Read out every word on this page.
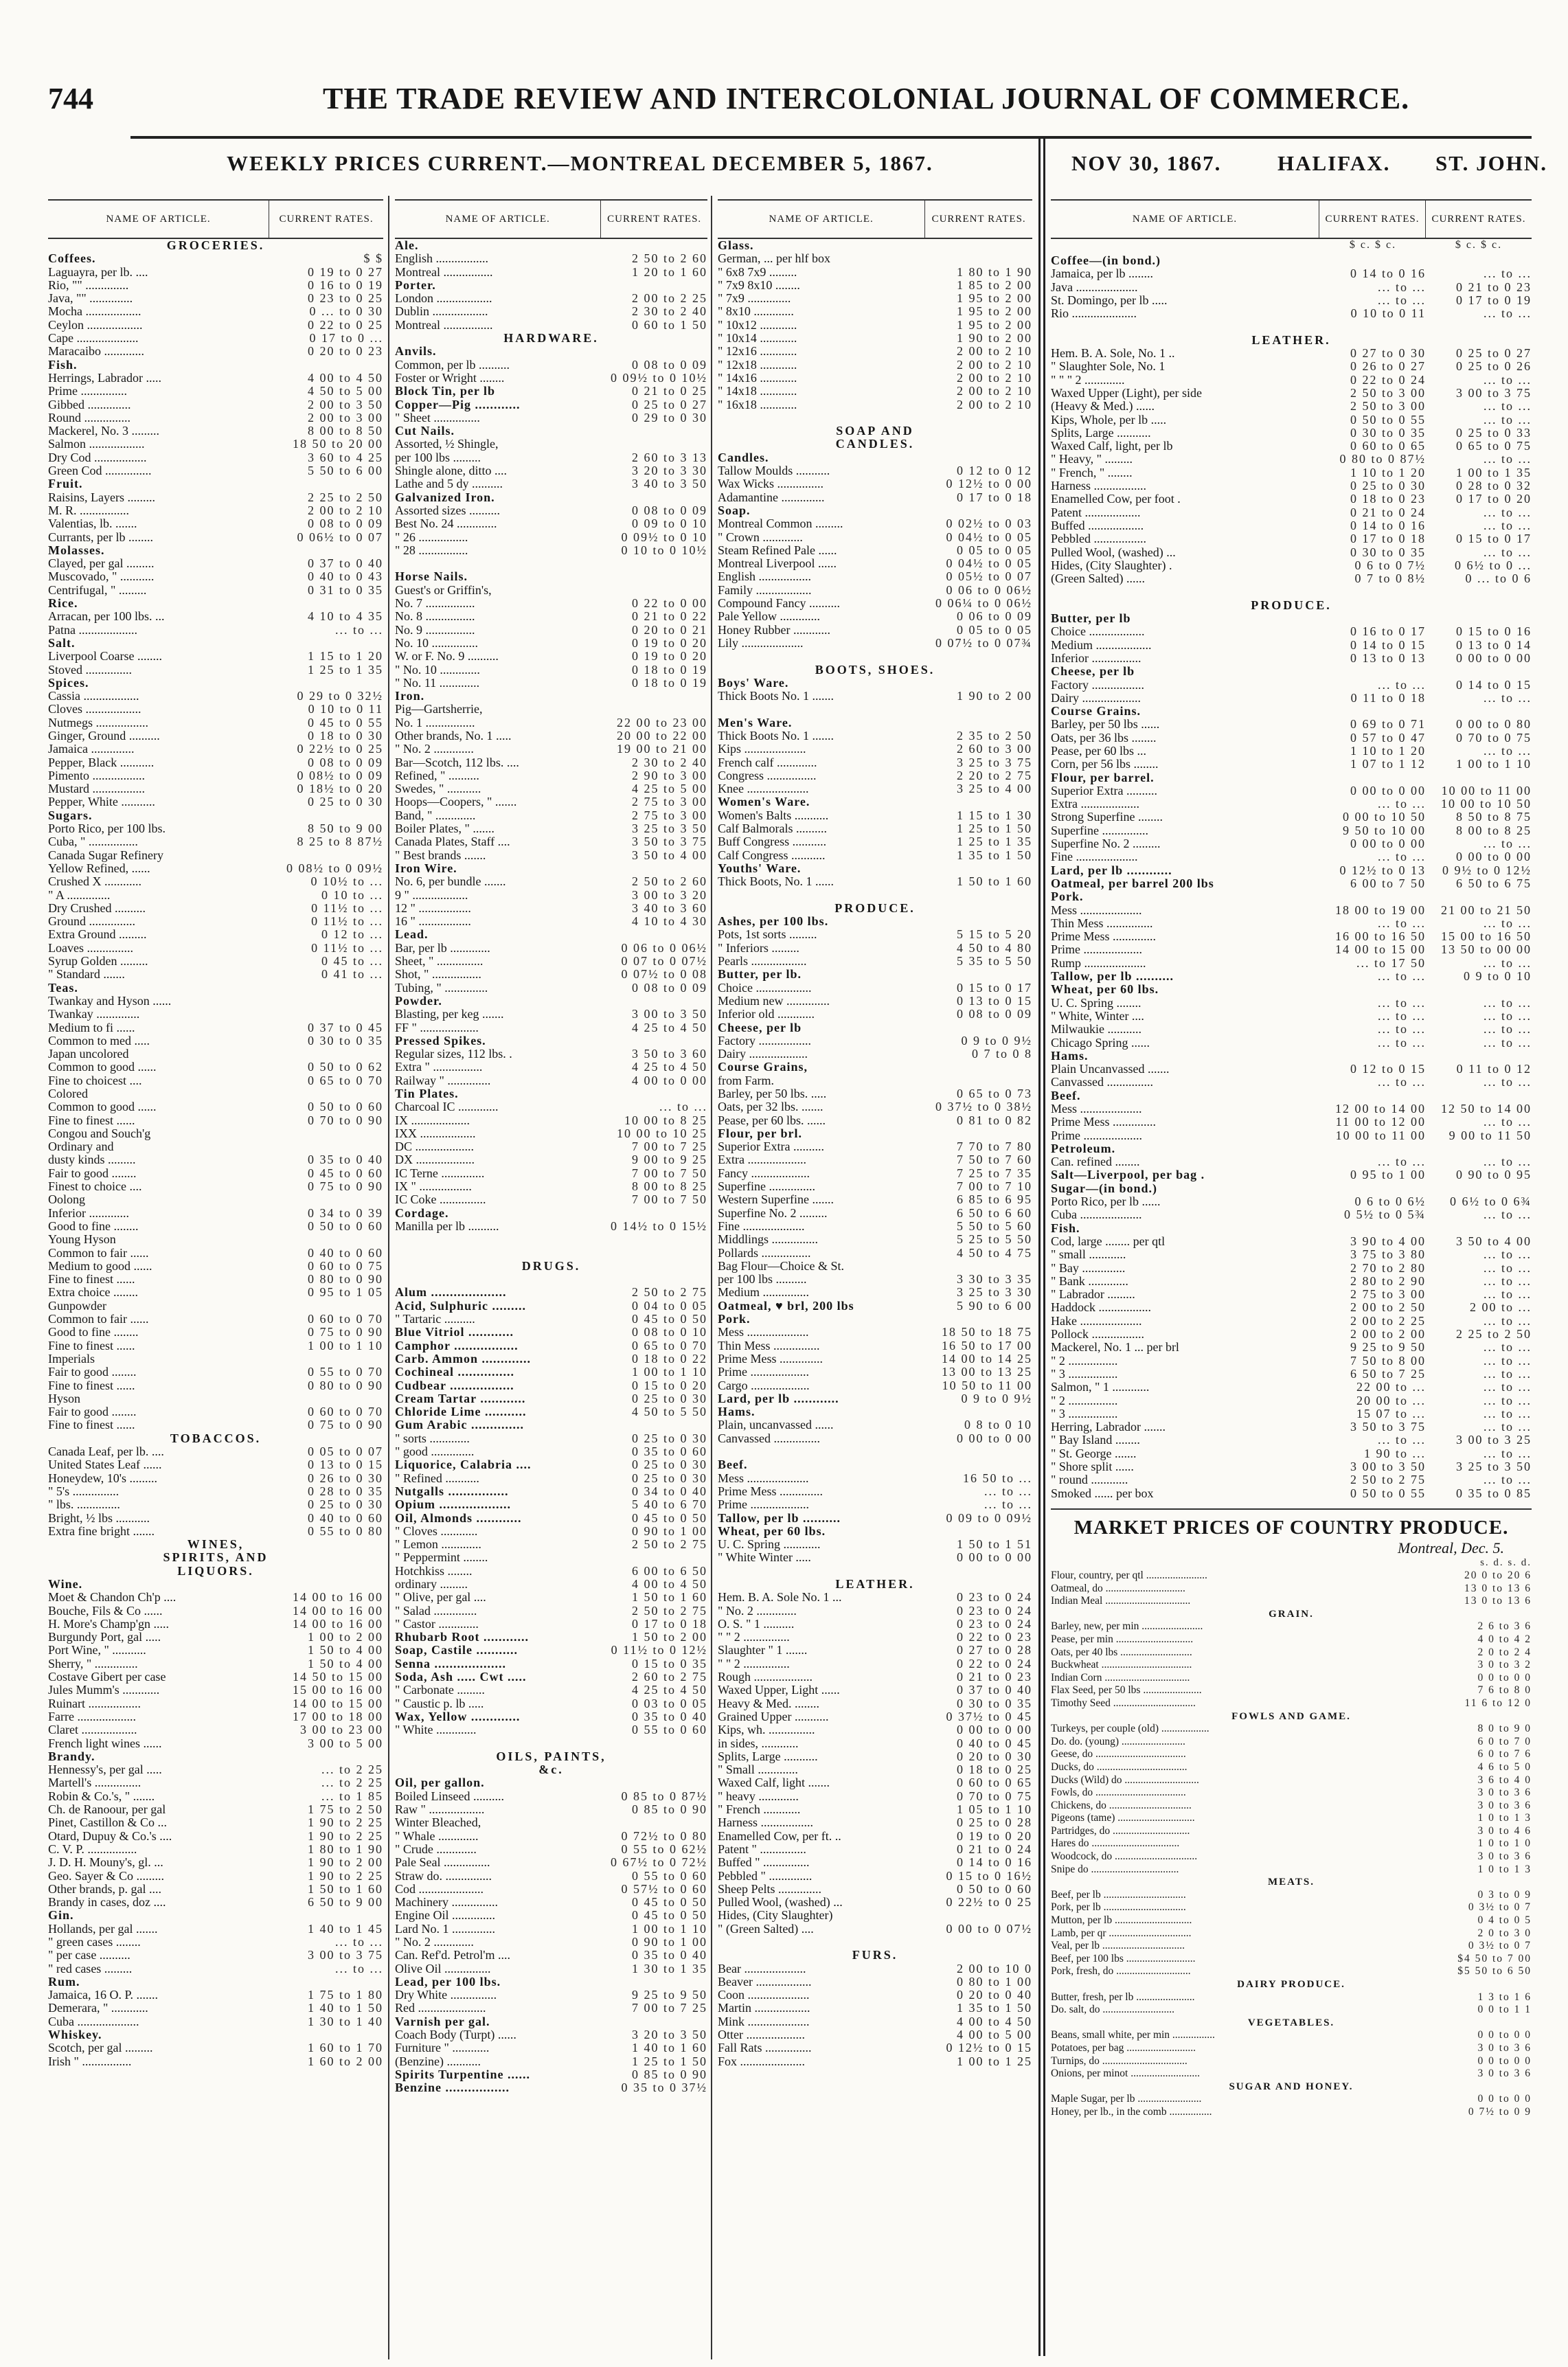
744	THE TRADE REVIEW AND INTERCOLONIAL JOURNAL OF COMMERCE.
WEEKLY PRICES CURRENT.—MONTREAL DECEMBER 5, 1867.	NOV 30, 1867.	HALIFAX. ST. JOHN.
NAME OF ARTICLE.	CURRENT RATES.
GROCERIES.
Coffees.	$ $
Laguayra, per lb. ....	0 19 to 0 27
Rio, "" ..............	0 16 to 0 19
Java, "" ..............	0 23 to 0 25
Mocha ..................	0 ... to 0 30
Ceylon ..................	0 22 to 0 25
Cape ....................	0 17 to 0 ...
Maracaibo .............	0 20 to 0 23
Fish.
Herrings, Labrador .....	4 00 to 4 50
Prime ...............	4 50 to 5 00
Gibbed ..............	2 00 to 3 50
Round ...............	2 00 to 3 00
Mackerel, No. 3 .........	8 00 to 8 50
Salmon ..................	18 50 to 20 00
Dry Cod .................	3 60 to 4 25
Green Cod ...............	5 50 to 6 00
Fruit.
Raisins, Layers .........	2 25 to 2 50
M. R. ................	2 00 to 2 10
Valentias, lb. .......	0 08 to 0 09
Currants, per lb ........	0 06½ to 0 07
Molasses.
Clayed, per gal .........	0 37 to 0 40
Muscovado, " ...........	0 40 to 0 43
Centrifugal, " .........	0 31 to 0 35
Rice.
Arracan, per 100 lbs. ...	4 10 to 4 35
Patna ...................	... to ...
Salt.
Liverpool Coarse ........	1 15 to 1 20
Stoved ...............	1 25 to 1 35
Spices.
Cassia ..................	0 29 to 0 32½
Cloves ..................	0 10 to 0 11
Nutmegs .................	0 45 to 0 55
Ginger, Ground ..........	0 18 to 0 30
Jamaica ..............	0 22½ to 0 25
Pepper, Black ...........	0 08 to 0 09
Pimento .................	0 08½ to 0 09
Mustard .................	0 18½ to 0 20
Pepper, White ...........	0 25 to 0 30
Sugars.
Porto Rico, per 100 lbs.	8 50 to 9 00
Cuba, " ................	8 25 to 8 87½
Canada Sugar Refinery
Yellow Refined, ......	0 08½ to 0 09½
Crushed X ............	0 10½ to ...
" A ..............	0 10 to ...
Dry Crushed ..........	0 11½ to ...
Ground ...............	0 11½ to ...
Extra Ground .........	0 12 to ...
Loaves ...............	0 11½ to ...
Syrup Golden .........	0 45 to ...
" Standard .......	0 41 to ...
Teas.
Twankay and Hyson ......
Twankay ..............
Medium to fi ......	0 37 to 0 45
Common to med .....	0 30 to 0 35
Japan uncolored
Common to good ......	0 50 to 0 62
Fine to choicest ....	0 65 to 0 70
Colored
Common to good ......	0 50 to 0 60
Fine to finest ......	0 70 to 0 90
Congou and Souch'g
Ordinary and
dusty kinds .........	0 35 to 0 40
Fair to good ........	0 45 to 0 60
Finest to choice ....	0 75 to 0 90
Oolong
Inferior .............	0 34 to 0 39
Good to fine ........	0 50 to 0 60
Young Hyson
Common to fair ......	0 40 to 0 60
Medium to good ......	0 60 to 0 75
Fine to finest ......	0 80 to 0 90
Extra choice ........	0 95 to 1 05
Gunpowder
Common to fair ......	0 60 to 0 70
Good to fine ........	0 75 to 0 90
Fine to finest ......	1 00 to 1 10
Imperials
Fair to good ........	0 55 to 0 70
Fine to finest ......	0 80 to 0 90
Hyson
Fair to good ........	0 60 to 0 70
Fine to finest ......	0 75 to 0 90
TOBACCOS.
Canada Leaf, per lb. ....	0 05 to 0 07
United States Leaf ......	0 13 to 0 15
Honeydew, 10's .........	0 26 to 0 30
" 5's ...............	0 28 to 0 35
" lbs. ..............	0 25 to 0 30
Bright, ½ lbs ...........	0 40 to 0 60
Extra fine bright .......	0 55 to 0 80
WINES,
SPIRITS, AND
LIQUORS.
Wine.
Moet & Chandon Ch'p ....	14 00 to 16 00
Bouche, Fils & Co ......	14 00 to 16 00
H. More's Champ'gn .....	14 00 to 16 00
Burgundy Port, gal .....	1 00 to 2 00
Port Wine, " ...........	1 50 to 4 00
Sherry, " ..............	1 50 to 4 00
Costave Gibert per case	14 50 to 15 00
Jules Mumm's ............	15 00 to 16 00
Ruinart .................	14 00 to 15 00
Farre ...................	17 00 to 18 00
Claret ..................	3 00 to 23 00
French light wines ......	3 00 to 5 00
Brandy.
Hennessy's, per gal .....	... to 2 25
Martell's ...............	... to 2 25
Robin & Co.'s, " .......	... to 1 85
Ch. de Ranoour, per gal	1 75 to 2 50
Pinet, Castillon & Co ...	1 90 to 2 25
Otard, Dupuy & Co.'s ....	1 90 to 2 25
C. V. P. ................	1 80 to 1 90
J. D. H. Mouny's, gl. ...	1 90 to 2 00
Geo. Sayer & Co .........	1 90 to 2 25
Other brands, p. gal ....	1 50 to 1 60
Brandy in cases, doz ....	6 50 to 9 00
Gin.
Hollands, per gal .......	1 40 to 1 45
" green cases ........	... to ...
" per case ..........	3 00 to 3 75
" red cases .........	... to ...
Rum.
Jamaica, 16 O. P. .......	1 75 to 1 80
Demerara, " ............	1 40 to 1 50
Cuba ....................	1 30 to 1 40
Whiskey.
Scotch, per gal .........	1 60 to 1 70
Irish " ................	1 60 to 2 00
NAME OF ARTICLE.	CURRENT RATES.
Ale.
English .................	2 50 to 2 60
Montreal ................	1 20 to 1 60
Porter.
London ..................	2 00 to 2 25
Dublin ..................	2 30 to 2 40
Montreal ................	0 60 to 1 50
HARDWARE.
Anvils.
Common, per lb ..........	0 08 to 0 09
Foster or Wright ........	0 09½ to 0 10½
Block Tin, per lb	0 21 to 0 25
Copper—Pig ............	0 25 to 0 27
" Sheet ...............	0 29 to 0 30
Cut Nails.
Assorted, ½ Shingle,
per 100 lbs .........	2 60 to 3 13
Shingle alone, ditto ....	3 20 to 3 30
Lathe and 5 dy ..........	3 40 to 3 50
Galvanized Iron.
Assorted sizes ..........	0 08 to 0 09
Best No. 24 .............	0 09 to 0 10
" 26 ................	0 09½ to 0 10
" 28 ................	0 10 to 0 10½
Horse Nails.
Guest's or Griffin's,
No. 7 ................	0 22 to 0 00
No. 8 ................	0 21 to 0 22
No. 9 ................	0 20 to 0 21
No. 10 ...............	0 19 to 0 20
W. or F. No. 9 ..........	0 19 to 0 20
" No. 10 .............	0 18 to 0 19
" No. 11 .............	0 18 to 0 19
Iron.
Pig—Gartsherrie,
No. 1 ................	22 00 to 23 00
Other brands, No. 1 .....	20 00 to 22 00
" No. 2 .............	19 00 to 21 00
Bar—Scotch, 112 lbs. ....	2 30 to 2 40
Refined, " ..........	2 90 to 3 00
Swedes, " ...........	4 25 to 5 00
Hoops—Coopers, " .......	2 75 to 3 00
Band, " .............	2 75 to 3 00
Boiler Plates, " .......	3 25 to 3 50
Canada Plates, Staff ....	3 50 to 3 75
" Best brands .......	3 50 to 4 00
Iron Wire.
No. 6, per bundle .......	2 50 to 2 60
9 " ..................	3 00 to 3 20
12 " .................	3 40 to 3 60
16 " .................	4 10 to 4 30
Lead.
Bar, per lb .............	0 06 to 0 06½
Sheet, " ...............	0 07 to 0 07½
Shot, " ................	0 07½ to 0 08
Tubing, " ..............	0 08 to 0 09
Powder.
Blasting, per keg .......	3 00 to 3 50
FF " ...................	4 25 to 4 50
Pressed Spikes.
Regular sizes, 112 lbs. .	3 50 to 3 60
Extra " ................	4 25 to 4 50
Railway " ..............	4 00 to 0 00
Tin Plates.
Charcoal IC .............	... to ...
IX ...................	10 00 to 8 25
IXX ..................	10 00 to 10 25
DC ...................	7 00 to 7 25
DX ...................	9 00 to 9 25
IC Terne ..............	7 00 to 7 50
IX " .................	8 00 to 8 25
IC Coke ...............	7 00 to 7 50
Cordage.
Manilla per lb ..........	0 14½ to 0 15½
DRUGS.
Alum ....................	2 50 to 2 75
Acid, Sulphuric .........	0 04 to 0 05
" Tartaric ..........	0 45 to 0 50
Blue Vitriol ............	0 08 to 0 10
Camphor .................	0 65 to 0 70
Carb. Ammon .............	0 18 to 0 22
Cochineal ...............	1 00 to 1 10
Cudbear .................	0 15 to 0 20
Cream Tartar ............	0 25 to 0 30
Chloride Lime ...........	4 50 to 5 50
Gum Arabic ..............
" sorts .............	0 25 to 0 30
" good ..............	0 35 to 0 60
Liquorice, Calabria ....	0 25 to 0 30
" Refined ...........	0 25 to 0 30
Nutgalls ................	0 34 to 0 40
Opium ...................	5 40 to 6 70
Oil, Almonds ............	0 45 to 0 50
" Cloves ............	0 90 to 1 00
" Lemon .............	2 50 to 2 75
" Peppermint ........
Hotchkiss ........	6 00 to 6 50
ordinary .........	4 00 to 4 50
" Olive, per gal ....	1 50 to 1 60
" Salad ..............	2 50 to 2 75
" Castor .............	0 17 to 0 18
Rhubarb Root ............	1 50 to 2 00
Soap, Castile ...........	0 11½ to 0 12½
Senna ...................	0 15 to 0 35
Soda, Ash ..... Cwt .....	2 60 to 2 75
" Carbonate .........	4 25 to 4 50
" Caustic p. lb .....	0 03 to 0 05
Wax, Yellow .............	0 35 to 0 40
" White .............	0 55 to 0 60
OILS, PAINTS,
&c.
Oil, per gallon.
Boiled Linseed ..........	0 85 to 0 87½
Raw " ..................	0 85 to 0 90
Winter Bleached,
" Whale .............	0 72½ to 0 80
" Crude .............	0 55 to 0 62½
Pale Seal ...............	0 67½ to 0 72½
Straw do. ...............	0 55 to 0 60
Cod .....................	0 57½ to 0 60
Machinery ...............	0 45 to 0 50
Engine Oil ..............	0 45 to 0 50
Lard No. 1 ..............	1 00 to 1 10
" No. 2 .............	0 90 to 1 00
Can. Ref'd. Petrol'm ....	0 35 to 0 40
Olive Oil ...............	1 30 to 1 35
Lead, per 100 lbs.
Dry White ...............	9 25 to 9 50
Red ......................	7 00 to 7 25
Varnish per gal.
Coach Body (Turpt) ......	3 20 to 3 50
Furniture " ............	1 40 to 1 60
(Benzine) ...........	1 25 to 1 50
Spirits Turpentine ......	0 85 to 0 90
Benzine .................	0 35 to 0 37½
NAME OF ARTICLE.	CURRENT RATES.
Glass.
German, ... per hlf box
" 6x8 7x9 .........	1 80 to 1 90
" 7x9 8x10 ........	1 85 to 2 00
" 7x9 ..............	1 95 to 2 00
" 8x10 .............	1 95 to 2 00
" 10x12 ............	1 95 to 2 00
" 10x14 ............	1 90 to 2 00
" 12x16 ............	2 00 to 2 10
" 12x18 ............	2 00 to 2 10
" 14x16 ............	2 00 to 2 10
" 14x18 ............	2 00 to 2 10
" 16x18 ............	2 00 to 2 10
SOAP AND
CANDLES.
Candles.
Tallow Moulds ...........	0 12 to 0 12
Wax Wicks ...............	0 12½ to 0 00
Adamantine ..............	0 17 to 0 18
Soap.
Montreal Common .........	0 02½ to 0 03
" Crown .............	0 04½ to 0 05
Steam Refined Pale ......	0 05 to 0 05
Montreal Liverpool ......	0 04½ to 0 05
English .................	0 05½ to 0 07
Family ..................	0 06 to 0 06½
Compound Fancy ..........	0 06¼ to 0 06½
Pale Yellow .............	0 06 to 0 09
Honey Rubber ............	0 05 to 0 05
Lily ....................	0 07½ to 0 07¾
BOOTS, SHOES.
Boys' Ware.
Thick Boots No. 1 .......	1 90 to 2 00
Men's Ware.
Thick Boots No. 1 .......	2 35 to 2 50
Kips ....................	2 60 to 3 00
French calf .............	3 25 to 3 75
Congress ................	2 20 to 2 75
Knee ....................	3 25 to 4 00
Women's Ware.
Women's Balts ...........	1 15 to 1 30
Calf Balmorals ..........	1 25 to 1 50
Buff Congress ...........	1 25 to 1 35
Calf Congress ...........	1 35 to 1 50
Youths' Ware.
Thick Boots, No. 1 ......	1 50 to 1 60
PRODUCE.
Ashes, per 100 lbs.
Pots, 1st sorts .........	5 15 to 5 20
" Inferiors .........	4 50 to 4 80
Pearls ..................	5 35 to 5 50
Butter, per lb.
Choice ..................	0 15 to 0 17
Medium new ..............	0 13 to 0 15
Inferior old ............	0 08 to 0 09
Cheese, per lb
Factory .................	0 9 to 0 9½
Dairy ...................	0 7 to 0 8
Course Grains,
from Farm.
Barley, per 50 lbs. .....	0 65 to 0 73
Oats, per 32 lbs. .......	0 37½ to 0 38½
Pease, per 60 lbs. ......	0 81 to 0 82
Flour, per brl.
Superior Extra ..........	7 70 to 7 80
Extra ...................	7 50 to 7 60
Fancy ...................	7 25 to 7 35
Superfine ...............	7 00 to 7 10
Western Superfine .......	6 85 to 6 95
Superfine No. 2 .........	6 50 to 6 60
Fine ....................	5 50 to 5 60
Middlings ...............	5 25 to 5 50
Pollards ................	4 50 to 4 75
Bag Flour—Choice & St.
per 100 lbs ..........	3 30 to 3 35
Medium ...............	3 25 to 3 30
Oatmeal, ♥ brl, 200 lbs	5 90 to 6 00
Pork.
Mess ....................	18 50 to 18 75
Thin Mess ...............	16 50 to 17 00
Prime Mess ..............	14 00 to 14 25
Prime ...................	13 00 to 13 25
Cargo ...................	10 50 to 11 00
Lard, per lb ............	0 9 to 0 9½
Hams.
Plain, uncanvassed ......	0 8 to 0 10
Canvassed ...............	0 00 to 0 00
Beef.
Mess ....................	16 50 to ...
Prime Mess ..............	... to ...
Prime ...................	... to ...
Tallow, per lb ..........	0 09 to 0 09½
Wheat, per 60 lbs.
U. C. Spring ............	1 50 to 1 51
" White Winter .....	0 00 to 0 00
LEATHER.
Hem. B. A. Sole No. 1 ...	0 23 to 0 24
" No. 2 .............	0 23 to 0 24
O. S. " 1 ..........	0 23 to 0 24
" " 2 ...............	0 22 to 0 23
Slaughter " 1 .......	0 27 to 0 28
" " 2 ...............	0 22 to 0 24
Rough ...................	0 21 to 0 23
Waxed Upper, Light ......	0 37 to 0 40
Heavy & Med. ........	0 30 to 0 35
Grained Upper ...........	0 37½ to 0 45
Kips, wh. ...............	0 00 to 0 00
in sides, ............	0 40 to 0 45
Splits, Large ...........	0 20 to 0 30
" Small .............	0 18 to 0 25
Waxed Calf, light .......	0 60 to 0 65
" heavy .............	0 70 to 0 75
" French ............	1 05 to 1 10
Harness .................	0 25 to 0 28
Enamelled Cow, per ft. ..	0 19 to 0 20
Patent " ...............	0 21 to 0 24
Buffed " ...............	0 14 to 0 16
Pebbled " ..............	0 15 to 0 16½
Sheep Pelts ..............	0 50 to 0 60
Pulled Wool, (washed) ...	0 22½ to 0 25
Hides, (City Slaughter)
" (Green Salted) ....	0 00 to 0 07½
FURS.
Bear ....................	2 00 to 10 0
Beaver ..................	0 80 to 1 00
Coon ....................	0 20 to 0 40
Martin ..................	1 35 to 1 50
Mink ....................	4 00 to 4 50
Otter ...................	4 00 to 5 00
Fall Rats ...............	0 12½ to 0 15
Fox .....................	1 00 to 1 25
NAME OF ARTICLE.	CURRENT RATES.	CURRENT RATES.
$ c. $ c.	$ c. $ c.
Coffee—(in bond.)
Jamaica, per lb ........	0 14 to 0 16	... to ...
Java ....................	... to ...	0 21 to 0 23
St. Domingo, per lb .....	... to ...	0 17 to 0 19
Rio .....................	0 10 to 0 11	... to ...
LEATHER.
Hem. B. A. Sole, No. 1 ..	0 27 to 0 30	0 25 to 0 27
" Slaughter Sole, No. 1	0 26 to 0 27	0 25 to 0 26
" " " 2 .............	0 22 to 0 24	... to ...
Waxed Upper (Light), per side	2 50 to 3 00	3 00 to 3 75
(Heavy & Med.) ......	2 50 to 3 00	... to ...
Kips, Whole, per lb .....	0 50 to 0 55	... to ...
Splits, Large ...........	0 30 to 0 35	0 25 to 0 33
Waxed Calf, light, per lb	0 60 to 0 65	0 65 to 0 75
" Heavy, " .........	0 80 to 0 87½	... to ...
" French, " ........	1 10 to 1 20	1 00 to 1 35
Harness .................	0 25 to 0 30	0 28 to 0 32
Enamelled Cow, per foot .	0 18 to 0 23	0 17 to 0 20
Patent ..................	0 21 to 0 24	... to ...
Buffed ..................	0 14 to 0 16	... to ...
Pebbled .................	0 17 to 0 18	0 15 to 0 17
Pulled Wool, (washed) ...	0 30 to 0 35	... to ...
Hides, (City Slaughter) .	0 6 to 0 7½	0 6½ to 0 ...
(Green Salted) ......	0 7 to 0 8½	0 ... to 0 6
PRODUCE.
Butter, per lb
Choice ..................	0 16 to 0 17	0 15 to 0 16
Medium ..................	0 14 to 0 15	0 13 to 0 14
Inferior ................	0 13 to 0 13	0 00 to 0 00
Cheese, per lb
Factory .................	... to ...	0 14 to 0 15
Dairy ...................	0 11 to 0 18	... to ...
Course Grains.
Barley, per 50 lbs ......	0 69 to 0 71	0 00 to 0 80
Oats, per 36 lbs ........	0 57 to 0 47	0 70 to 0 75
Pease, per 60 lbs ...	1 10 to 1 20	... to ...
Corn, per 56 lbs ........	1 07 to 1 12	1 00 to 1 10
Flour, per barrel.
Superior Extra ..........	0 00 to 0 00	10 00 to 11 00
Extra ...................	... to ...	10 00 to 10 50
Strong Superfine ........	0 00 to 10 50	8 50 to 8 75
Superfine ...............	9 50 to 10 00	8 00 to 8 25
Superfine No. 2 .........	0 00 to 0 00	... to ...
Fine ....................	... to ...	0 00 to 0 00
Lard, per lb ............	0 12½ to 0 13	0 9½ to 0 12½
Oatmeal, per barrel 200 lbs	6 00 to 7 50	6 50 to 6 75
Pork.
Mess ....................	18 00 to 19 00	21 00 to 21 50
Thin Mess ...............	... to ...	... to ...
Prime Mess ..............	16 00 to 16 50	15 00 to 16 50
Prime ...................	14 00 to 15 00	13 50 to 00 00
Rump ....................	... to 17 50	... to ...
Tallow, per lb ..........	... to ...	0 9 to 0 10
Wheat, per 60 lbs.
U. C. Spring ........	... to ...	... to ...
" White, Winter ....	... to ...	... to ...
Milwaukie ...........	... to ...	... to ...
Chicago Spring ......	... to ...	... to ...
Hams.
Plain Uncanvassed .......	0 12 to 0 15	0 11 to 0 12
Canvassed ...............	... to ...	... to ...
Beef.
Mess ....................	12 00 to 14 00	12 50 to 14 00
Prime Mess ..............	11 00 to 12 00	... to ...
Prime ...................	10 00 to 11 00	9 00 to 11 50
Petroleum.
Can. refined ........	... to ...	... to ...
Salt—Liverpool, per bag .	0 95 to 1 00	0 90 to 0 95
Sugar—(in bond.)
Porto Rico, per lb ......	0 6 to 0 6½	0 6½ to 0 6¾
Cuba ....................	0 5½ to 0 5¾	... to ...
Fish.
Cod, large ........ per qtl	3 90 to 4 00	3 50 to 4 00
" small ............	3 75 to 3 80	... to ...
" Bay ..............	2 70 to 2 80	... to ...
" Bank .............	2 80 to 2 90	... to ...
" Labrador .........	2 75 to 3 00	... to ...
Haddock .................	2 00 to 2 50	2 00 to ...
Hake ....................	2 00 to 2 25	... to ...
Pollock .................	2 00 to 2 00	2 25 to 2 50
Mackerel, No. 1 ... per brl	9 25 to 9 50	... to ...
" 2 ................	7 50 to 8 00	... to ...
" 3 ................	6 50 to 7 25	... to ...
Salmon, " 1 ............	22 00 to ...	... to ...
" 2 ................	20 00 to ...	... to ...
" 3 ................	15 07 to ...	... to ...
Herring, Labrador .......	3 50 to 3 75	... to ...
" Bay Island ........	... to ...	3 00 to 3 25
" St. George .......	1 90 to ...	... to ...
" Shore split ......	3 00 to 3 50	3 25 to 3 50
" round ............	2 50 to 2 75	... to ...
Smoked ...... per box	0 50 to 0 55	0 35 to 0 85
MARKET PRICES OF COUNTRY PRODUCE.
Montreal, Dec. 5.
s. d. s. d.
Flour, country, per qtl .......................	20 0 to 20 6
Oatmeal, do ..............................	13 0 to 13 6
Indian Meal ................................	13 0 to 13 6
GRAIN.
Barley, new, per min .......................	2 6 to 3 6
Pease, per min .............................	4 0 to 4 2
Oats, per 40 lbs ...........................	2 0 to 2 4
Buckwheat ..................................	3 0 to 3 2
Indian Corn ................................	0 0 to 0 0
Flax Seed, per 50 lbs ......................	7 6 to 8 0
Timothy Seed ...............................	11 6 to 12 0
FOWLS AND GAME.
Turkeys, per couple (old) ..................	8 0 to 9 0
Do. do. (young) ........................	6 0 to 7 0
Geese, do ..................................	6 0 to 7 6
Ducks, do ..................................	4 6 to 5 0
Ducks (Wild) do ............................	3 6 to 4 0
Fowls, do ..................................	3 0 to 3 6
Chickens, do ...............................	3 0 to 3 6
Pigeons (tame) .............................	1 0 to 1 3
Partridges, do .............................	3 0 to 4 6
Hares do .................................	1 0 to 1 0
Woodcock, do ...............................	3 0 to 3 6
Snipe do .................................	1 0 to 1 3
MEATS.
Beef, per lb ...............................	0 3 to 0 9
Pork, per lb ...............................	0 3½ to 0 7
Mutton, per lb .............................	0 4 to 0 5
Lamb, per qr ...............................	2 0 to 3 0
Veal, per lb ...............................	0 3½ to 0 7
Beef, per 100 lbs ..........................	$4 50 to 7 00
Pork, fresh, do ............................	$5 50 to 6 50
DAIRY PRODUCE.
Butter, fresh, per lb ......................	1 3 to 1 6
Do. salt, do ...........................	0 0 to 1 1
VEGETABLES.
Beans, small white, per min ................	0 0 to 0 0
Potatoes, per bag ..........................	3 0 to 3 6
Turnips, do ................................	0 0 to 0 0
Onions, per minot ..........................	3 0 to 3 6
SUGAR AND HONEY.
Maple Sugar, per lb ........................	0 0 to 0 0
Honey, per lb., in the comb ................	0 7½ to 0 9
